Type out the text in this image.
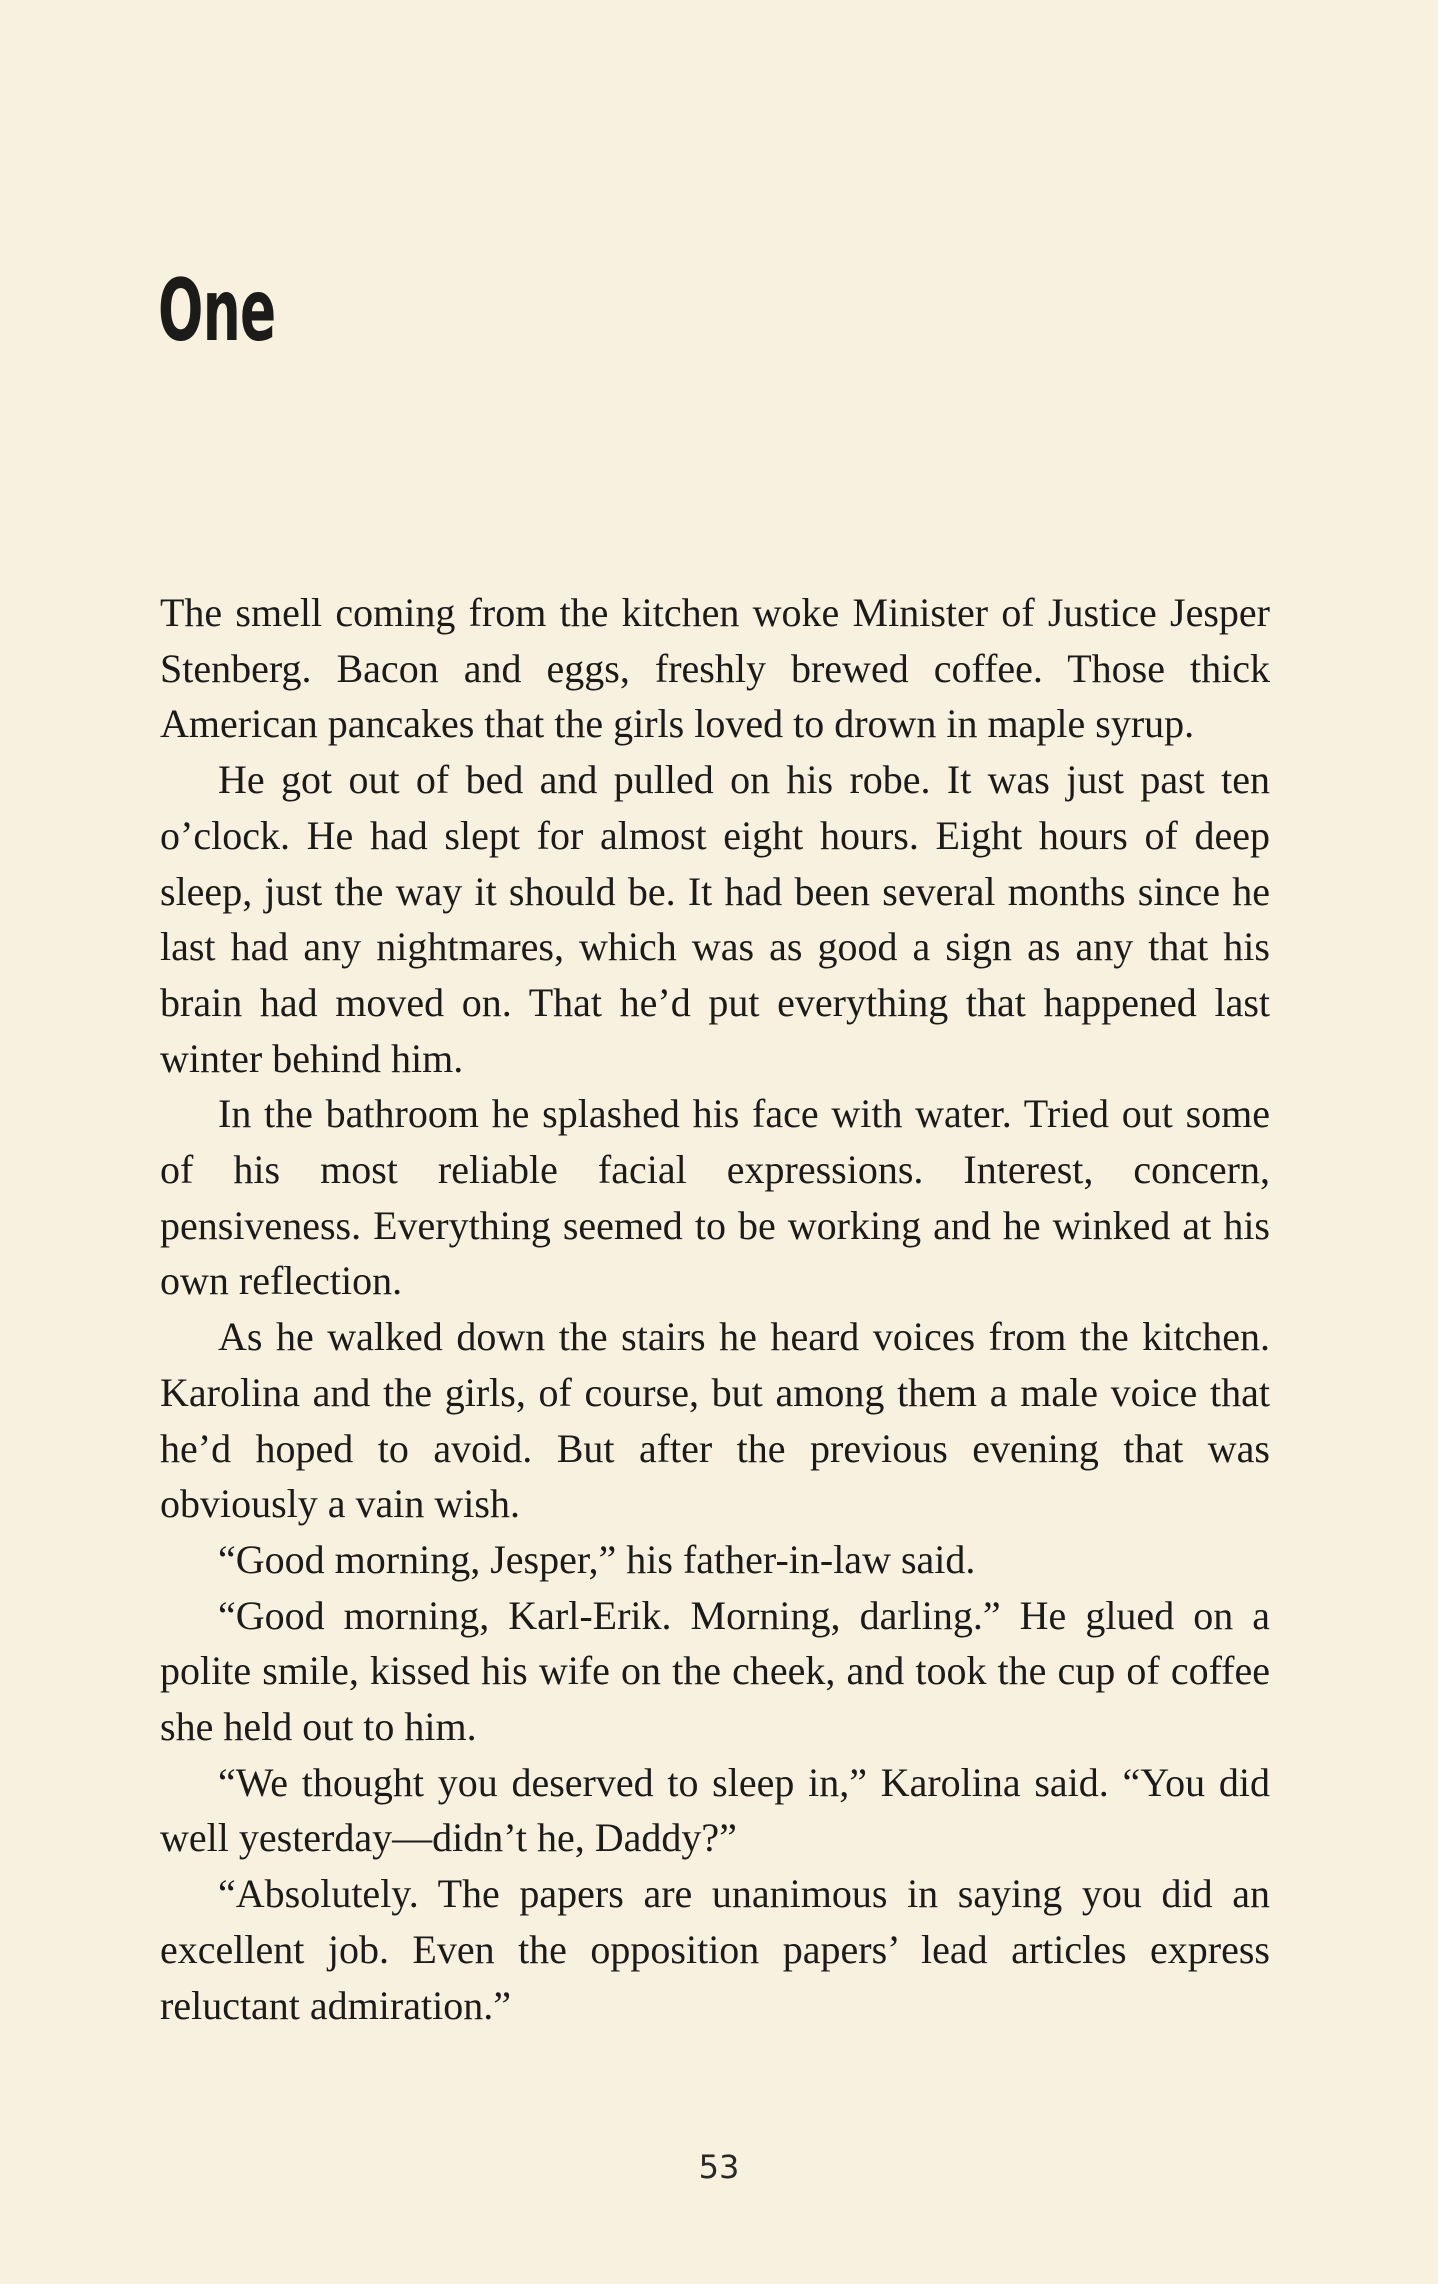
One

The smell coming from the kitchen woke Minister of Justice Jesper Stenberg. Bacon and eggs, freshly brewed coffee. Those thick American pancakes that the girls loved to drown in maple syrup.

He got out of bed and pulled on his robe. It was just past ten o’clock. He had slept for almost eight hours. Eight hours of deep sleep, just the way it should be. It had been several months since he last had any nightmares, which was as good a sign as any that his brain had moved on. That he’d put everything that happened last winter behind him.

In the bathroom he splashed his face with water. Tried out some of his most reliable facial expressions. Interest, concern, pensiveness. Everything seemed to be working and he winked at his own reflection.

As he walked down the stairs he heard voices from the kitchen. Karolina and the girls, of course, but among them a male voice that he’d hoped to avoid. But after the previous evening that was obviously a vain wish.

“Good morning, Jesper,” his father-in-law said.

“Good morning, Karl-Erik. Morning, darling.” He glued on a polite smile, kissed his wife on the cheek, and took the cup of coffee she held out to him.

“We thought you deserved to sleep in,” Karolina said. “You did well yesterday—didn’t he, Daddy?”

“Absolutely. The papers are unanimous in saying you did an excellent job. Even the opposition papers’ lead articles express reluctant admiration.”

53
